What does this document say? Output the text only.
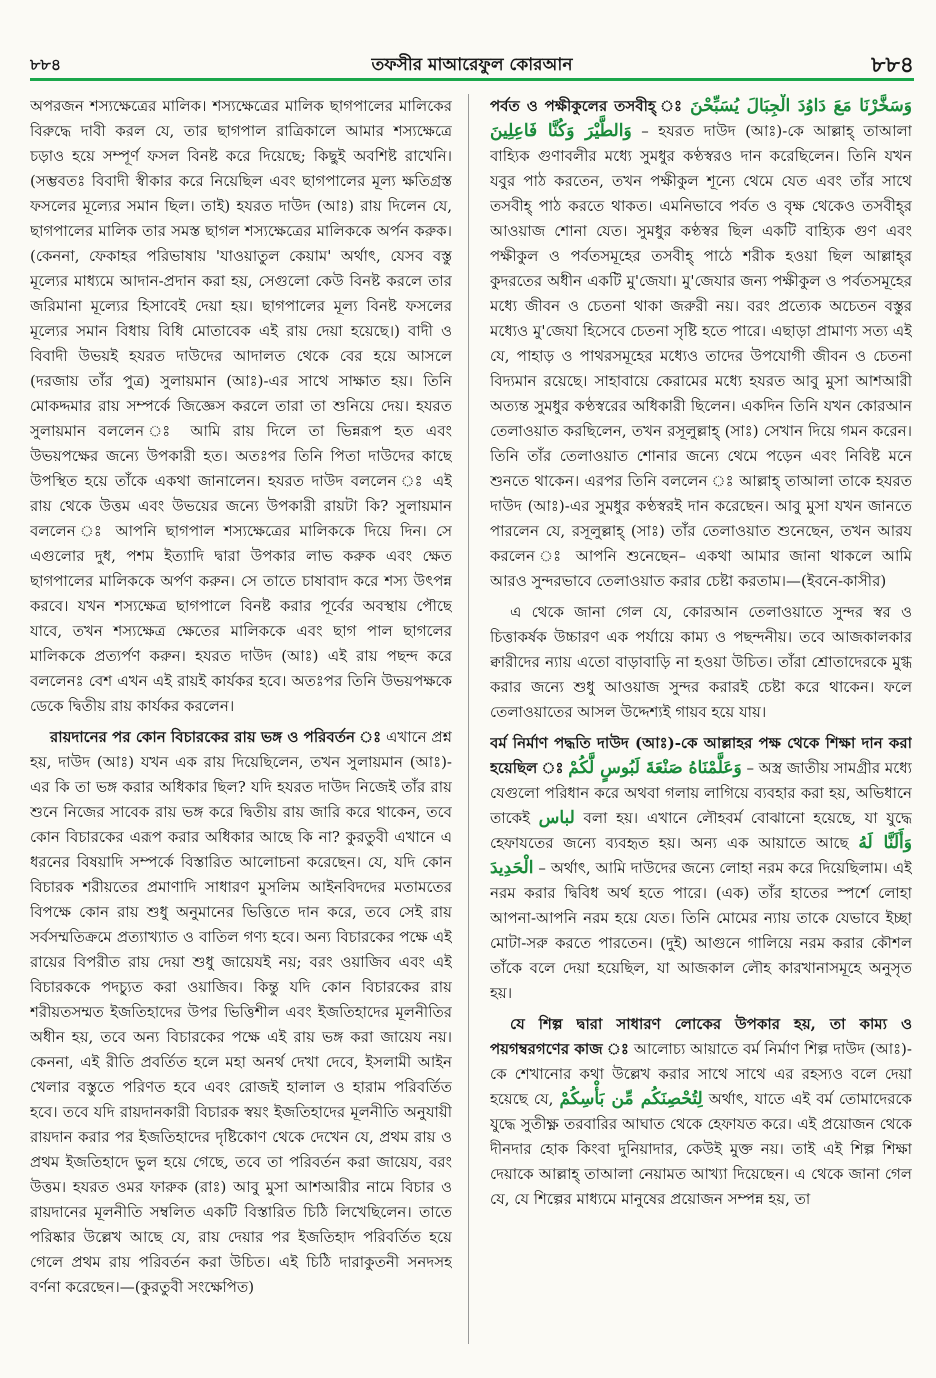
৮৮৪	তফসীর মাআরেফুল কোরআন	৮৮৪

অপরজন শস্যক্ষেত্রের মালিক। শস্যক্ষেত্রের মালিক ছাগপালের মালিকের বিরুদ্ধে দাবী করল যে, তার ছাগপাল রাত্রিকালে আমার শস্যক্ষেত্রে চড়াও হয়ে সম্পূর্ণ ফসল বিনষ্ট করে দিয়েছে; কিছুই অবশিষ্ট রাখেনি। (সম্ভবতঃ বিবাদী স্বীকার করে নিয়েছিল এবং ছাগপালের মূল্য ক্ষতিগ্রস্ত ফসলের মূল্যের সমান ছিল। তাই) হযরত দাউদ (আঃ) রায় দিলেন যে, ছাগপালের মালিক তার সমস্ত ছাগল শস্যক্ষেত্রের মালিককে অর্পন করুক। (কেননা, ফেকাহর পরিভাষায় 'যাওয়াতুল কেয়াম' অর্থাৎ, যেসব বস্তু মূল্যের মাধ্যমে আদান-প্রদান করা হয়, সেগুলো কেউ বিনষ্ট করলে তার জরিমানা মূল্যের হিসাবেই দেয়া হয়। ছাগপালের মূল্য বিনষ্ট ফসলের মূল্যের সমান বিধায় বিধি মোতাবেক এই রায় দেয়া হয়েছে।) বাদী ও বিবাদী উভয়ই হযরত দাউদের আদালত থেকে বের হয়ে আসলে (দরজায় তাঁর পুত্র) সুলায়মান (আঃ)-এর সাথে সাক্ষাত হয়। তিনি মোকদ্দমার রায় সম্পর্কে জিজ্ঞেস করলে তারা তা শুনিয়ে দেয়। হযরত সুলায়মান বললেন ঃ আমি রায় দিলে তা ভিন্নরূপ হত এবং উভয়পক্ষের জন্যে উপকারী হত। অতঃপর তিনি পিতা দাউদের কাছে উপস্থিত হয়ে তাঁকে একথা জানালেন। হযরত দাউদ বললেন ঃ এই রায় থেকে উত্তম এবং উভয়ের জন্যে উপকারী রায়টা কি? সুলায়মান বললেন ঃ আপনি ছাগপাল শস্যক্ষেত্রের মালিককে দিয়ে দিন। সে এগুলোর দুধ, পশম ইত্যাদি দ্বারা উপকার লাভ করুক এবং ক্ষেত ছাগপালের মালিককে অর্পণ করুন। সে তাতে চাষাবাদ করে শস্য উৎপন্ন করবে। যখন শস্যক্ষেত্র ছাগপালে বিনষ্ট করার পূর্বের অবস্থায় পৌছে যাবে, তখন শস্যক্ষেত্র ক্ষেতের মালিককে এবং ছাগ পাল ছাগলের মালিককে প্রত্যর্পণ করুন। হযরত দাউদ (আঃ) এই রায় পছন্দ করে বললেনঃ বেশ এখন এই রায়ই কার্যকর হবে। অতঃপর তিনি উভয়পক্ষকে ডেকে দ্বিতীয় রায় কার্যকর করলেন।

রায়দানের পর কোন বিচারকের রায় ভঙ্গ ও পরিবর্তন ঃ এখানে প্রশ্ন হয়, দাউদ (আঃ) যখন এক রায় দিয়েছিলেন, তখন সুলায়মান (আঃ)- এর কি তা ভঙ্গ করার অধিকার ছিল? যদি হযরত দাউদ নিজেই তাঁর রায় শুনে নিজের সাবেক রায় ভঙ্গ করে দ্বিতীয় রায় জারি করে থাকেন, তবে কোন বিচারকের এরূপ করার অধিকার আছে কি না? কুরতুবী এখানে এ ধরনের বিষয়াদি সম্পর্কে বিস্তারিত আলোচনা করেছেন। যে, যদি কোন বিচারক শরীয়তের প্রমাণাদি সাধারণ মুসলিম আইনবিদদের মতামতের বিপক্ষে কোন রায় শুধু অনুমানের ভিত্তিতে দান করে, তবে সেই রায় সর্বসম্মতিক্রমে প্রত্যাখ্যাত ও বাতিল গণ্য হবে। অন্য বিচারকের পক্ষে এই রায়ের বিপরীত রায় দেয়া শুধু জায়েযই নয়; বরং ওয়াজিব এবং এই বিচারককে পদচ্যুত করা ওয়াজিব। কিন্তু যদি কোন বিচারকের রায় শরীয়তসম্মত ইজতিহাদের উপর ভিত্তিশীল এবং ইজতিহাদের মূলনীতির অধীন হয়, তবে অন্য বিচারকের পক্ষে এই রায় ভঙ্গ করা জায়েয নয়। কেননা, এই রীতি প্রবর্তিত হলে মহা অনর্থ দেখা দেবে, ইসলামী আইন খেলার বস্তুতে পরিণত হবে এবং রোজই হালাল ও হারাম পরিবর্তিত হবে। তবে যদি রায়দানকারী বিচারক স্বয়ং ইজতিহাদের মূলনীতি অনুযায়ী রায়দান করার পর ইজতিহাদের দৃষ্টিকোণ থেকে দেখেন যে, প্রথম রায় ও প্রথম ইজতিহাদে ভুল হয়ে গেছে, তবে তা পরিবর্তন করা জায়েয, বরং উত্তম। হযরত ওমর ফারুক (রাঃ) আবু মুসা আশআরীর নামে বিচার ও রায়দানের মূলনীতি সম্বলিত একটি বিস্তারিত চিঠি লিখেছিলেন। তাতে পরিষ্কার উল্লেখ আছে যে, রায় দেয়ার পর ইজতিহাদ পরিবর্তিত হয়ে গেলে প্রথম রায় পরিবর্তন করা উচিত। এই চিঠি দারাকুতনী সনদসহ বর্ণনা করেছেন।—(কুরতুবী সংক্ষেপিত)

পর্বত ও পক্ষীকুলের তসবীহ্ ঃ وَسَخَّرْنَا مَعَ دَاوُدَ الْجِبَالَ يُسَبِّحْنَ وَالطَّيْرَ وَكُنَّا فَاعِلِينَ – হযরত দাউদ (আঃ)-কে আল্লাহ্ তাআলা বাহ্যিক গুণাবলীর মধ্যে সুমধুর কণ্ঠস্বরও দান করেছিলেন। তিনি যখন যবুর পাঠ করতেন, তখন পক্ষীকুল শূন্যে থেমে যেত এবং তাঁর সাথে তসবীহ্ পাঠ করতে থাকত। এমনিভাবে পর্বত ও বৃক্ষ থেকেও তসবীহ্‌র আওয়াজ শোনা যেত। সুমধুর কণ্ঠস্বর ছিল একটি বাহ্যিক গুণ এবং পক্ষীকুল ও পর্বতসমূহের তসবীহ্ পাঠে শরীক হওয়া ছিল আল্লাহ্‌র কুদরতের অধীন একটি মু'জেযা। মু'জেযার জন্য পক্ষীকুল ও পর্বতসমূহের মধ্যে জীবন ও চেতনা থাকা জরুরী নয়। বরং প্রত্যেক অচেতন বস্তুর মধ্যেও মু'জেযা হিসেবে চেতনা সৃষ্টি হতে পারে। এছাড়া প্রামাণ্য সত্য এই যে, পাহাড় ও পাথরসমূহের মধ্যেও তাদের উপযোগী জীবন ও চেতনা বিদ্যমান রয়েছে। সাহাবায়ে কেরামের মধ্যে হযরত আবু মুসা আশআরী অত্যন্ত সুমধুর কণ্ঠস্বরের অধিকারী ছিলেন। একদিন তিনি যখন কোরআন তেলাওয়াত করছিলেন, তখন রসূলুল্লাহ্ (সাঃ) সেখান দিয়ে গমন করেন। তিনি তাঁর তেলাওয়াত শোনার জন্যে থেমে পড়েন এবং নিবিষ্ট মনে শুনতে থাকেন। এরপর তিনি বললেন ঃ আল্লাহ্ তাআলা তাকে হযরত দাউদ (আঃ)-এর সুমধুর কণ্ঠস্বরই দান করেছেন। আবু মুসা যখন জানতে পারলেন যে, রসূলুল্লাহ্ (সাঃ) তাঁর তেলাওয়াত শুনেছেন, তখন আরয করলেন ঃ আপনি শুনেছেন– একথা আমার জানা থাকলে আমি আরও সুন্দরভাবে তেলাওয়াত করার চেষ্টা করতাম।—(ইবনে-কাসীর)

এ থেকে জানা গেল যে, কোরআন তেলাওয়াতে সুন্দর স্বর ও চিত্তাকর্ষক উচ্চারণ এক পর্যায়ে কাম্য ও পছন্দনীয়। তবে আজকালকার ক্বারীদের ন্যায় এতো বাড়াবাড়ি না হওয়া উচিত। তাঁরা শ্রোতাদেরকে মুগ্ধ করার জন্যে শুধু আওয়াজ সুন্দর করারই চেষ্টা করে থাকেন। ফলে তেলাওয়াতের আসল উদ্দেশ্যই গায়ব হয়ে যায়।

বর্ম নির্মাণ পদ্ধতি দাউদ (আঃ)-কে আল্লাহর পক্ষ থেকে শিক্ষা দান করা হয়েছিল ঃ وَعَلَّمْنَاهُ صَنْعَةَ لَبُوسٍ لَّكُمْ – অস্ত্র জাতীয় সামগ্রীর মধ্যে যেগুলো পরিধান করে অথবা গলায় লাগিয়ে ব্যবহার করা হয়, অভিধানে তাকেই لباس বলা হয়। এখানে লৌহবর্ম বোঝানো হয়েছে, যা যুদ্ধে হেফাযতের জন্যে ব্যবহৃত হয়। অন্য এক আয়াতে আছে وَأَلَنَّا لَهُ الْحَدِيدَ – অর্থাৎ, আমি দাউদের জন্যে লোহা নরম করে দিয়েছিলাম। এই নরম করার দ্বিবিধ অর্থ হতে পারে। (এক) তাঁর হাতের স্পর্শে লোহা আপনা-আপনি নরম হয়ে যেত। তিনি মোমের ন্যায় তাকে যেভাবে ইচ্ছা মোটা-সরু করতে পারতেন। (দুই) আগুনে গালিয়ে নরম করার কৌশল তাঁকে বলে দেয়া হয়েছিল, যা আজকাল লৌহ কারখানাসমূহে অনুসৃত হয়।

যে শিল্প দ্বারা সাধারণ লোকের উপকার হয়, তা কাম্য ও পয়গম্বরগণের কাজ ঃ আলোচ্য আয়াতে বর্ম নির্মাণ শিল্প দাউদ (আঃ)-কে শেখানোর কথা উল্লেখ করার সাথে সাথে এর রহস্যও বলে দেয়া হয়েছে যে, لِتُحْصِنَكُم مِّن بَأْسِكُمْ অর্থাৎ, যাতে এই বর্ম তোমাদেরকে যুদ্ধে সুতীক্ষ্ণ তরবারির আঘাত থেকে হেফাযত করে। এই প্রয়োজন থেকে দীনদার হোক কিংবা দুনিয়াদার, কেউই মুক্ত নয়। তাই এই শিল্প শিক্ষা দেয়াকে আল্লাহ্ তাআলা নেয়ামত আখ্যা দিয়েছেন। এ থেকে জানা গেল যে, যে শিল্পের মাধ্যমে মানুষের প্রয়োজন সম্পন্ন হয়, তা
